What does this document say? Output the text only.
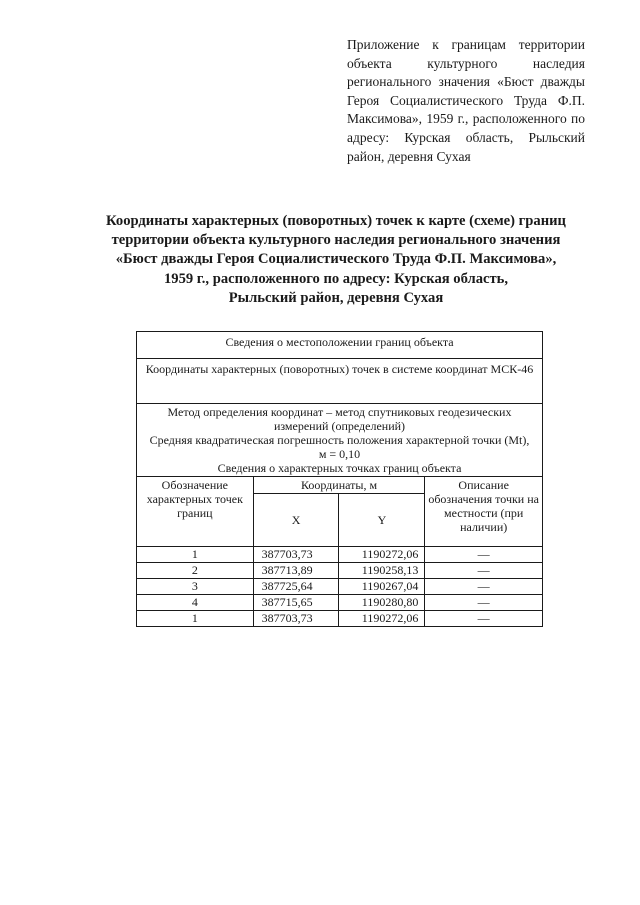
Приложение к границам территории объекта культурного наследия регионального значения «Бюст дважды Героя Социалистического Труда Ф.П. Максимова», 1959 г., расположенного по адресу: Курская область, Рыльский район, деревня Сухая
Координаты характерных (поворотных) точек к карте (схеме) границ
территории объекта культурного наследия регионального значения
«Бюст дважды Героя Социалистического Труда Ф.П. Максимова»,
1959 г., расположенного по адресу: Курская область,
Рыльский район, деревня Сухая
Сведения о местоположении границ объекта			
Координаты характерных (поворотных) точек в системе координат МСК-46			

Метод определения координат – метод спутниковых геодезических измерений (определений)
Средняя квадратическая погрешность положения характерной точки (Mt), м = 0,10
Сведения о характерных точках границ объекта			

Обозначение характерных точек границ	Координаты, м		Описание обозначения точки на местности (при наличии)
	X	Y	
1	387703,73	1190272,06	—
2	387713,89	1190258,13	—
3	387725,64	1190267,04	—
4	387715,65	1190280,80	—
1	387703,73	1190272,06	—
